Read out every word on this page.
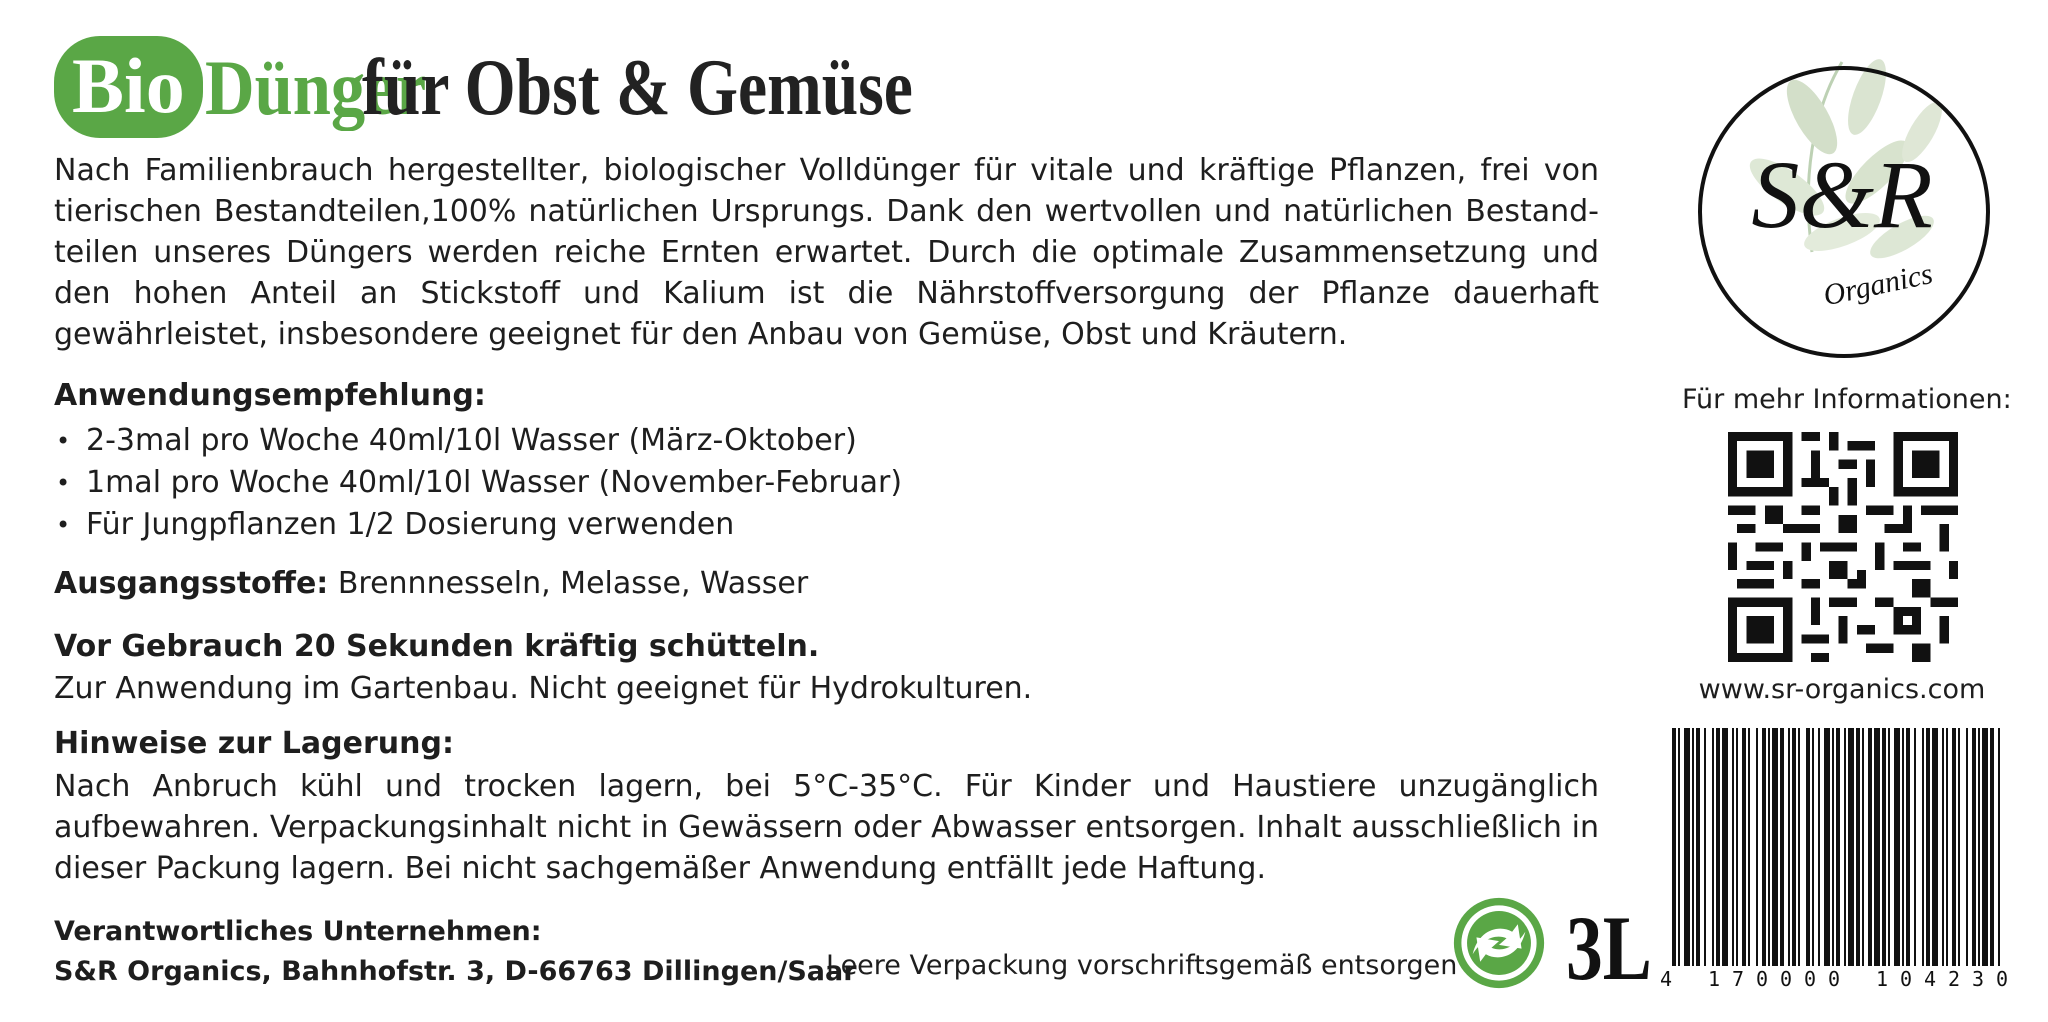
Bio Dünger
für Obst & Gemüse
Nach Familienbrauch hergestellter, biologischer Volldünger für vitale und kräftige Pflanzen, frei von tierischen Bestandteilen,100% natürlichen Ursprungs. Dank den wertvollen und natürlichen Bestand-teilen unseres Düngers werden reiche Ernten erwartet. Durch die optimale Zusammensetzung und den hohen Anteil an Stickstoff und Kalium ist die Nährstoffversorgung der Pflanze dauerhaft gewährleistet, insbesondere geeignet für den Anbau von Gemüse, Obst und Kräutern.
Anwendungsempfehlung:
• 2-3mal pro Woche 40ml/10l Wasser (März-Oktober)
• 1mal pro Woche 40ml/10l Wasser (November-Februar)
• Für Jungpflanzen 1/2 Dosierung verwenden
Ausgangsstoffe: Brennnesseln, Melasse, Wasser
Vor Gebrauch 20 Sekunden kräftig schütteln.
Zur Anwendung im Gartenbau. Nicht geeignet für Hydrokulturen.
Hinweise zur Lagerung:
Nach Anbruch kühl und trocken lagern, bei 5°C-35°C. Für Kinder und Haustiere unzugänglich aufbewahren. Verpackungsinhalt nicht in Gewässern oder Abwasser entsorgen. Inhalt ausschließlich in dieser Packung lagern. Bei nicht sachgemäßer Anwendung entfällt jede Haftung.
Verantwortliches Unternehmen:
S&R Organics, Bahnhofstr. 3, D-66763 Dillingen/Saar
Leere Verpackung vorschriftsgemäß entsorgen 3L
S&R
Organics
Für mehr Informationen:
www.sr-organics.com
4 170000 104230
